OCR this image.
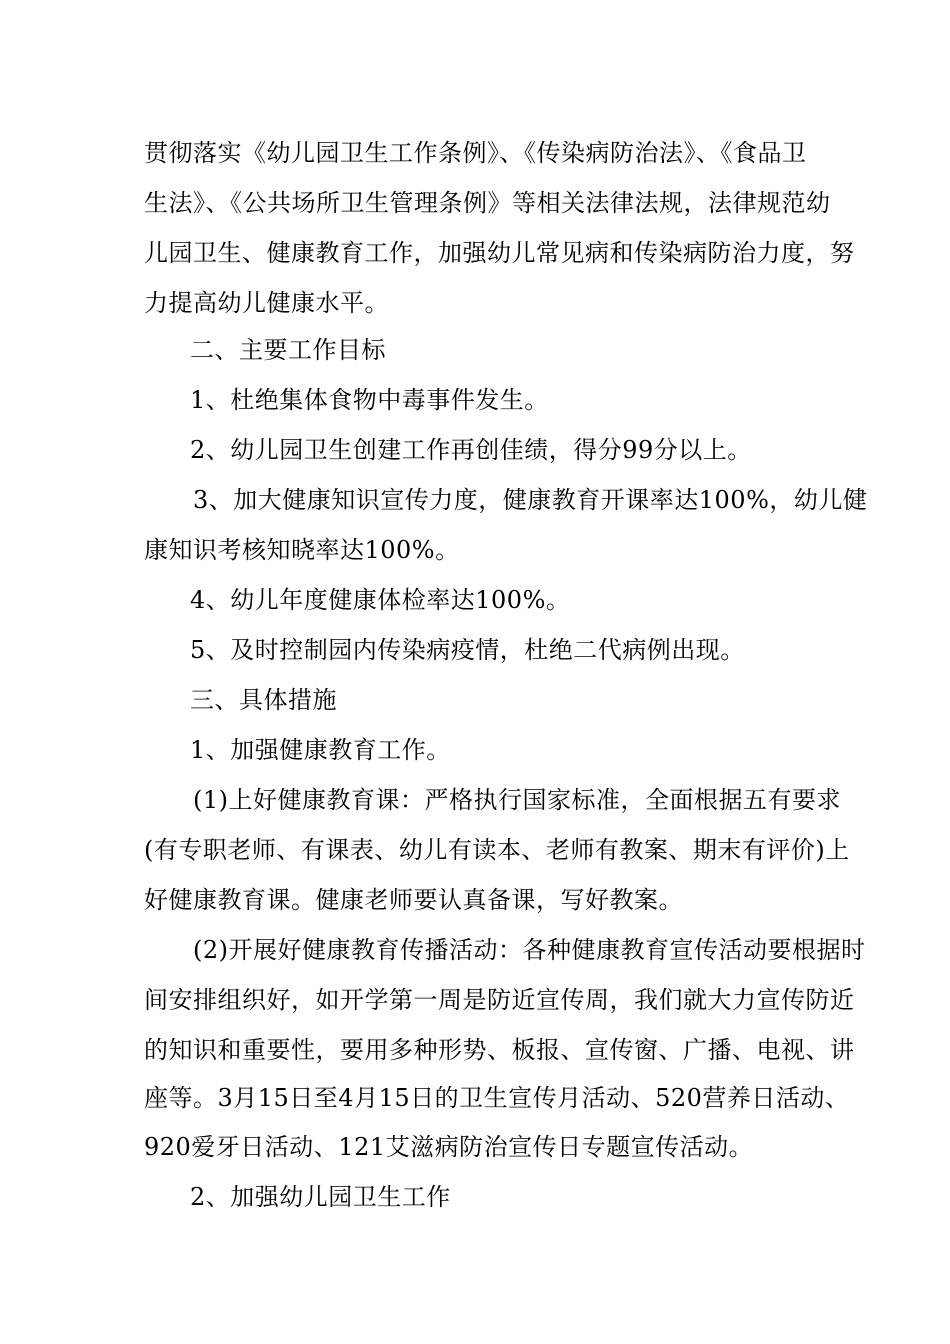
贯彻落实《幼儿园卫生工作条例》、《传染病防治法》、《食品卫
生法》、《公共场所卫生管理条例》等相关法律法规，法律规范幼
儿园卫生、健康教育工作，加强幼儿常见病和传染病防治力度，努
力提高幼儿健康水平。
二、主要工作目标
1、杜绝集体食物中毒事件发生。
2、幼儿园卫生创建工作再创佳绩，得分99分以上。
3、加大健康知识宣传力度，健康教育开课率达100%，幼儿健
康知识考核知晓率达100%。
4、幼儿年度健康体检率达100%。
5、及时控制园内传染病疫情，杜绝二代病例出现。
三、具体措施
1、加强健康教育工作。
(1)上好健康教育课：严格执行国家标准，全面根据五有要求
(有专职老师、有课表、幼儿有读本、老师有教案、期末有评价)上
好健康教育课。健康老师要认真备课，写好教案。
(2)开展好健康教育传播活动：各种健康教育宣传活动要根据时
间安排组织好，如开学第一周是防近宣传周，我们就大力宣传防近
的知识和重要性，要用多种形势、板报、宣传窗、广播、电视、讲
座等。3月15日至4月15日的卫生宣传月活动、520营养日活动、
920爱牙日活动、121艾滋病防治宣传日专题宣传活动。
2、加强幼儿园卫生工作
